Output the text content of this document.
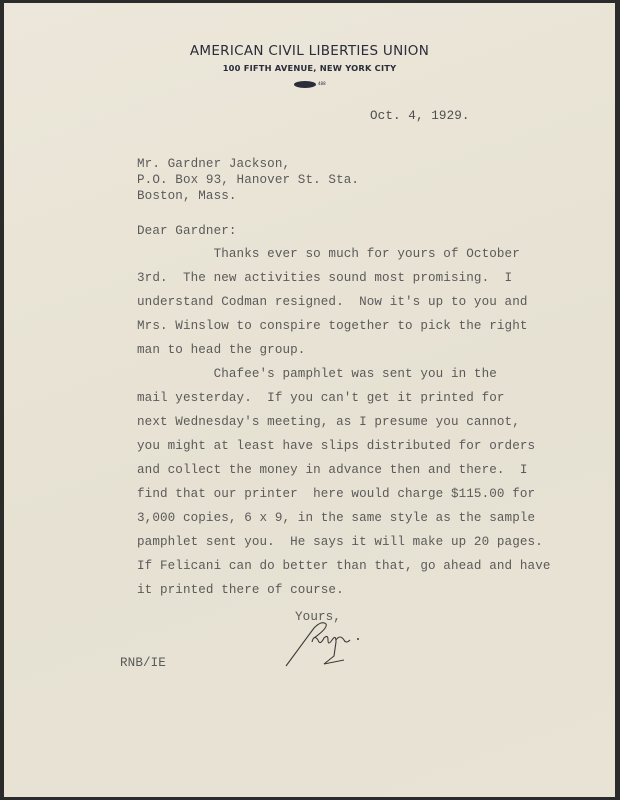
AMERICAN CIVIL LIBERTIES UNION
100 FIFTH AVENUE, NEW YORK CITY
488
Oct. 4, 1929.
Mr. Gardner Jackson,
P.O. Box 93, Hanover St. Sta.
Boston, Mass.
Dear Gardner:
Thanks ever so much for yours of October
3rd.  The new activities sound most promising.  I
understand Codman resigned.  Now it's up to you and
Mrs. Winslow to conspire together to pick the right
man to head the group.
Chafee's pamphlet was sent you in the
mail yesterday.  If you can't get it printed for
next Wednesday's meeting, as I presume you cannot,
you might at least have slips distributed for orders
and collect the money in advance then and there.  I
find that our printer  here would charge $115.00 for
3,000 copies, 6 x 9, in the same style as the sample
pamphlet sent you.  He says it will make up 20 pages.
If Felicani can do better than that, go ahead and have
it printed there of course.
Yours,
RNB/IE
